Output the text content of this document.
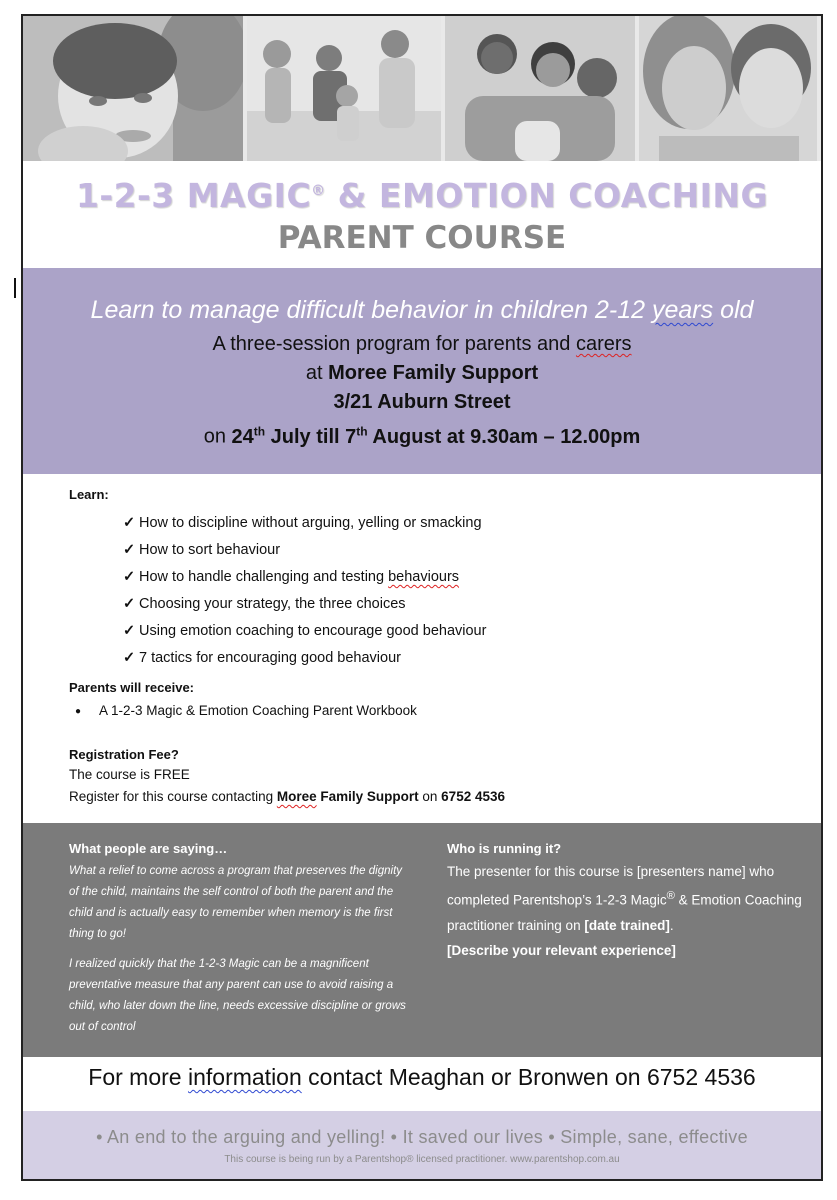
1-2-3 MAGIC® & EMOTION COACHING
PARENT COURSE
Learn to manage difficult behavior in children 2-12 years old
A three-session program for parents and carers
at Moree Family Support
3/21 Auburn Street
on 24th July till 7th August at 9.30am – 12.00pm
Learn:
✓ How to discipline without arguing, yelling or smacking
✓ How to sort behaviour
✓ How to handle challenging and testing behaviours
✓ Choosing your strategy, the three choices
✓ Using emotion coaching to encourage good behaviour
✓ 7 tactics for encouraging good behaviour
Parents will receive:
● A 1-2-3 Magic & Emotion Coaching Parent Workbook
Registration Fee?
The course is FREE
Register for this course contacting Moree Family Support on 6752 4536
What people are saying…
What a relief to come across a program that preserves the dignity of the child, maintains the self control of both the parent and the child and is actually easy to remember when memory is the first thing to go!
I realized quickly that the 1-2-3 Magic can be a magnificent preventative measure that any parent can use to avoid raising a child, who later down the line, needs excessive discipline or grows out of control
Who is running it?
The presenter for this course is [presenters name] who completed Parentshop’s 1-2-3 Magic® & Emotion Coaching practitioner training on [date trained].
[Describe your relevant experience]
For more information contact Meaghan or Bronwen on 6752 4536
• An end to the arguing and yelling! • It saved our lives • Simple, sane, effective
This course is being run by a Parentshop® licensed practitioner. www.parentshop.com.au
